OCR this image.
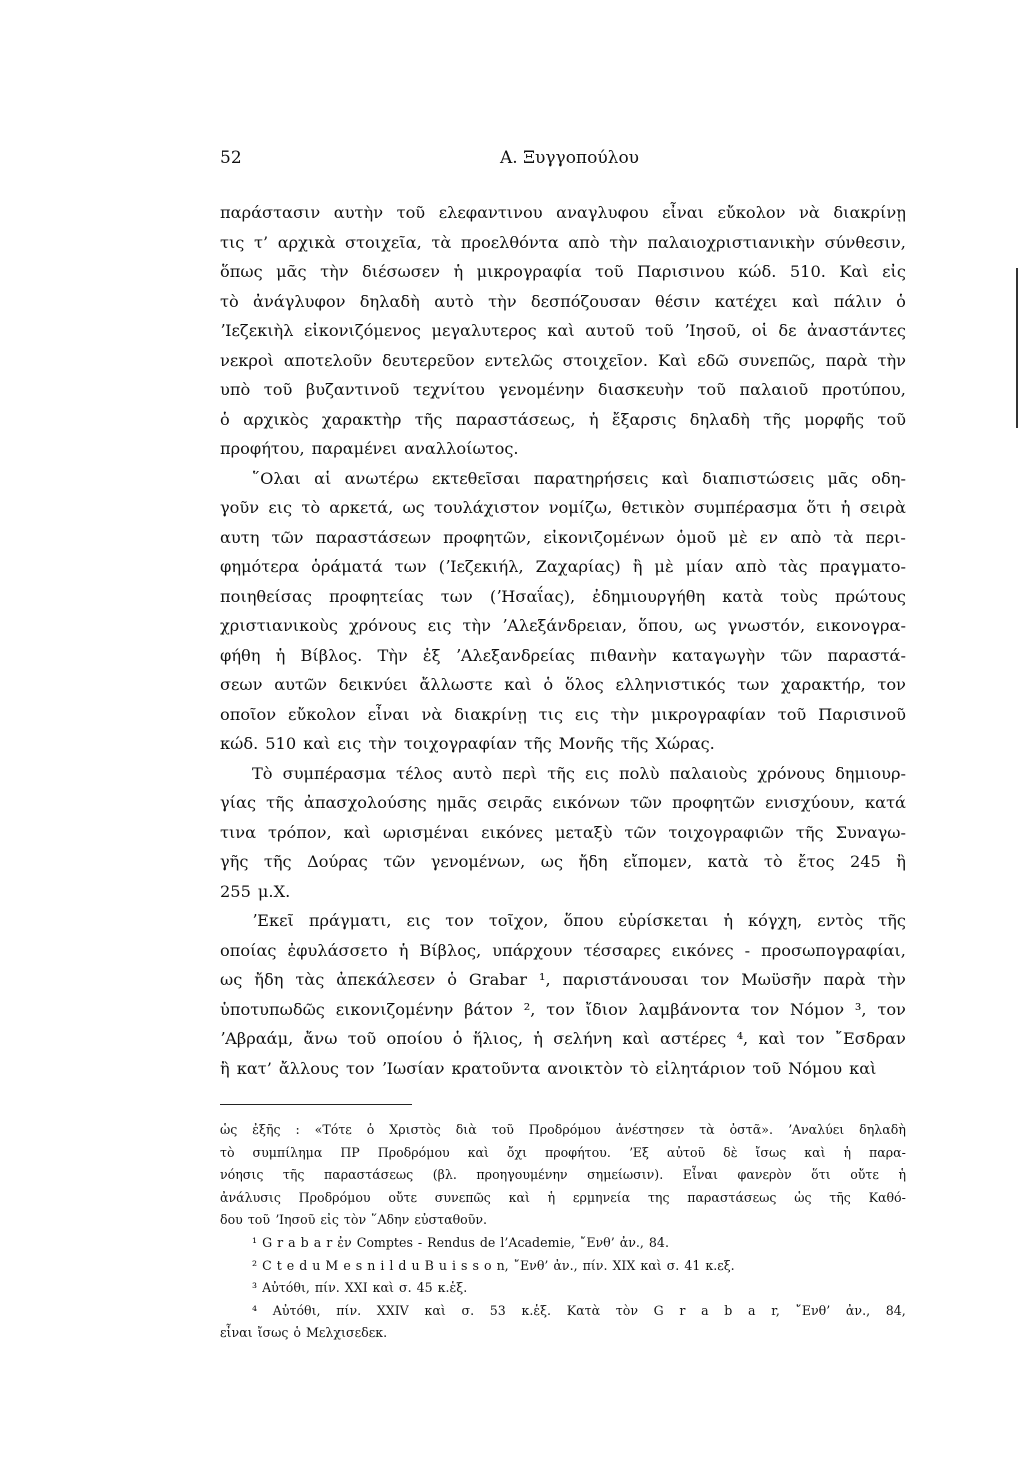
52	Α. Ξυγγοπούλου
παράστασιν αυτὴν τοῦ ελεφαντινου αναγλυφου εἶναι εὔκολον νὰ διακρίνῃ
τις τ’ αρχικὰ στοιχεῖα, τὰ προελθόντα απὸ τὴν παλαιοχριστιανικὴν σύνθεσιν,
ὅπως μᾶς τὴν διέσωσεν ἡ μικρογραφία τοῦ Παρισινου κώδ. 510. Καὶ εἰς
τὸ ἀνάγλυφον δηλαδὴ αυτὸ τὴν δεσπόζουσαν θέσιν κατέχει καὶ πάλιν ὁ
ʼΙεζεκιὴλ εἰκονιζόμενος μεγαλυτερος καὶ αυτοῦ τοῦ ʼΙησοῦ, οἱ δε ἀναστάντες
νεκροὶ αποτελοῦν δευτερεῦον εντελῶς στοιχεῖον. Καὶ εδῶ συνεπῶς, παρὰ τὴν
υπὸ τοῦ βυζαντινοῦ τεχνίτου γενομένην διασκευὴν τοῦ παλαιοῦ προτύπου,
ὁ αρχικὸς χαρακτὴρ τῆς παραστάσεως, ἡ ἔξαρσις δηλαδὴ τῆς μορφῆς τοῦ
προφήτου, παραμένει αναλλοίωτος.
῞Ολαι αἱ ανωτέρω εκτεθεῖσαι παρατηρήσεις καὶ διαπιστώσεις μᾶς οδη-
γοῦν εις τὸ αρκετά, ως τουλάχιστον νομίζω, θετικὸν συμπέρασμα ὅτι ἡ σειρὰ
αυτη τῶν παραστάσεων προφητῶν, εἰκονιζομένων ὁμοῦ μὲ εν απὸ τὰ περι-
φημότερα ὁράματά των (ʼΙεζεκιήλ, Ζαχαρίας) ἢ μὲ μίαν απὸ τὰς πραγματο-
ποιηθείσας προφητείας των (ʼΗσαΐας), ἐδημιουργήθη κατὰ τοὺς πρώτους
χριστιανικοὺς χρόνους εις τὴν ʼΑλεξάνδρειαν, ὅπου, ως γνωστόν, εικονογρα-
φήθη ἡ Βίβλος. Τὴν ἐξ ʼΑλεξανδρείας πιθανὴν καταγωγὴν τῶν παραστά-
σεων αυτῶν δεικνύει ἄλλωστε καὶ ὁ ὅλος ελληνιστικός των χαρακτήρ, τον
οποῖον εὔκολον εἶναι νὰ διακρίνῃ τις εις τὴν μικρογραφίαν τοῦ Παρισινοῦ
κώδ. 510 καὶ εις τὴν τοιχογραφίαν τῆς Μονῆς τῆς Χώρας.
Τὸ συμπέρασμα τέλος αυτὸ περὶ τῆς εις πολὺ παλαιοὺς χρόνους δημιουρ-
γίας τῆς ἀπασχολούσης ημᾶς σειρᾶς εικόνων τῶν προφητῶν ενισχύουν, κατά
τινα τρόπον, καὶ ωρισμέναι εικόνες μεταξὺ τῶν τοιχογραφιῶν τῆς Συναγω-
γῆς τῆς Δούρας τῶν γενομένων, ως ἤδη εἴπομεν, κατὰ τὸ ἔτος 245 ἢ
255 μ.Χ.
ʼΕκεῖ πράγματι, εις τον τοῖχον, ὅπου εὑρίσκεται ἡ κόγχη, εντὸς τῆς
οποίας ἐφυλάσσετο ἡ Βίβλος, υπάρχουν τέσσαρες εικόνες - προσωπογραφίαι,
ως ἤδη τὰς ἀπεκάλεσεν ὁ Grabar ¹, παριστάνουσαι τον Μωϋσῆν παρὰ τὴν
ὑποτυπωδῶς εικονιζομένην βάτον ², τον ἴδιον λαμβάνοντα τον Νόμον ³, τον
ʼΑβραάμ, ἄνω τοῦ οποίου ὁ ἥλιος, ἡ σελήνη καὶ αστέρες ⁴, καὶ τον ῎Εσδραν
ἢ κατ’ ἄλλους τον ʼΙωσίαν κρατοῦντα ανοικτὸν τὸ εἰλητάριον τοῦ Νόμου καὶ
ὡς ἐξῆς : «Τότε ὁ Χριστὸς διὰ τοῦ Προδρόμου ἀνέστησεν τὰ ὀστᾶ». ʼΑναλύει δηλαδὴ
τὸ συμπίλημα ΠΡ Προδρόμου καὶ ὄχι προφήτου. ʼΕξ αὐτοῦ δὲ ἴσως καὶ ἡ παρα-
νόησις τῆς παραστάσεως (βλ. προηγουμένην σημείωσιν). Εἶναι φανερὸν ὅτι οὔτε ἡ
ἀνάλυσις Προδρόμου οὔτε συνεπῶς καὶ ἡ ερμηνεία της παραστάσεως ὡς τῆς Καθό-
δου τοῦ ʼΙησοῦ εἰς τὸν ῞Αδην εὐσταθοῦν.
¹ G r a b a r ἐν Comptes - Rendus de l’Academie, ῎Ενθ’ ἀν., 84.
² C t e d u M e s n i l d u B u i s s o n, ῎Ενθ’ ἀν., πίν. XIX καὶ σ. 41 κ.εξ.
³ Αὐτόθι, πίν. XXI καὶ σ. 45 κ.ἑξ.
⁴ Αὐτόθι, πίν. XXIV καὶ σ. 53 κ.ἑξ. Κατὰ τὸν G r a b a r, ῎Ενθ’ ἀν., 84,
εἶναι ἴσως ὁ Μελχισεδεκ.
